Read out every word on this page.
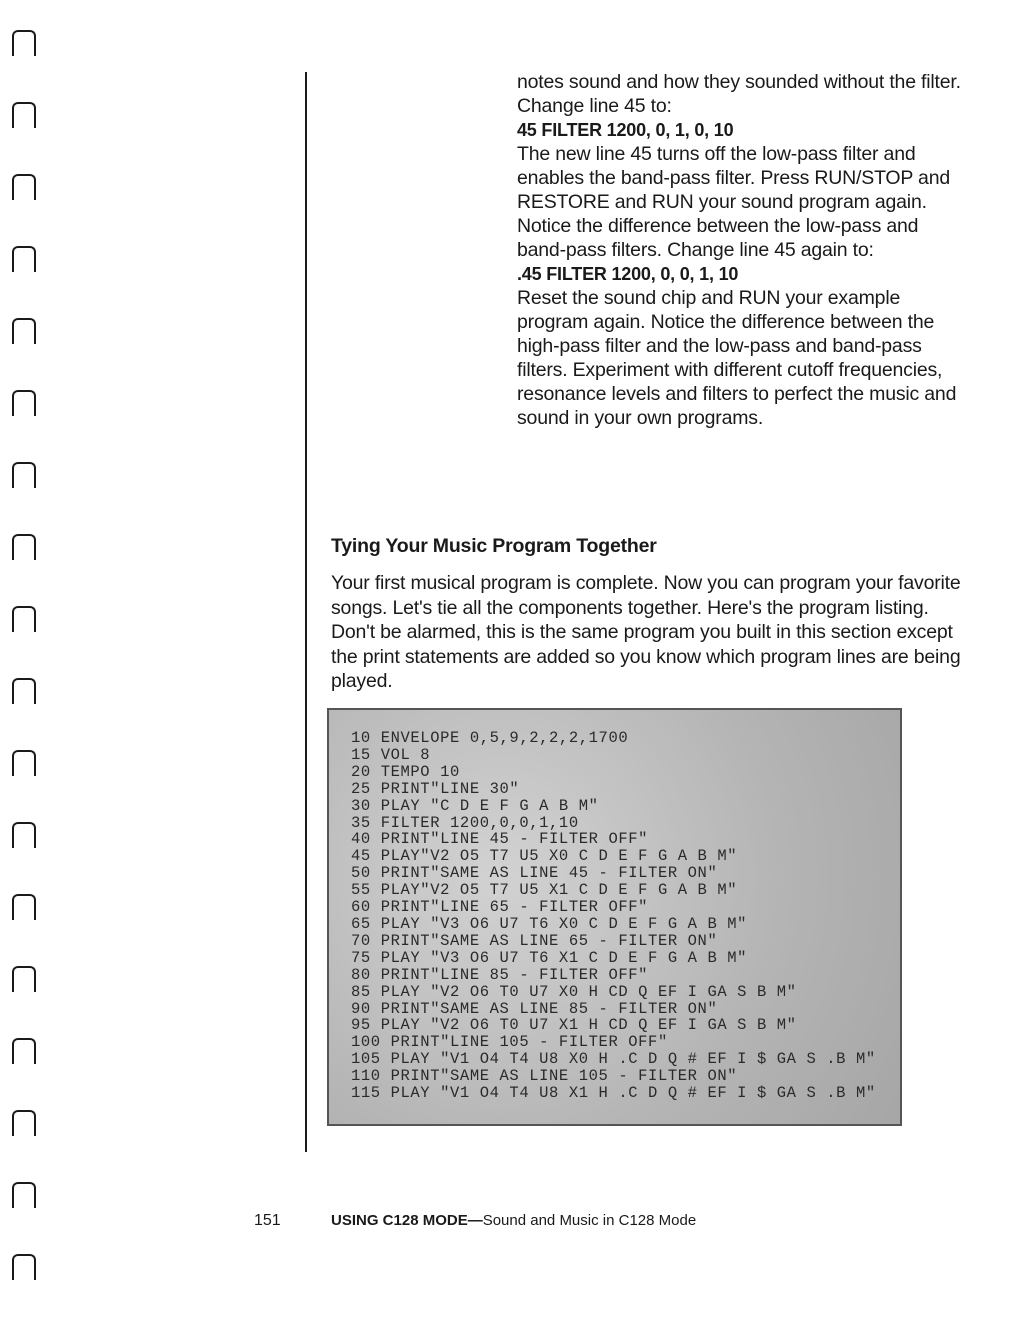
notes sound and how they sounded without the filter. Change line 45 to:

45 FILTER 1200, 0, 1, 0, 10

The new line 45 turns off the low-pass filter and enables the band-pass filter. Press RUN/STOP and RESTORE and RUN your sound program again. Notice the difference between the low-pass and band-pass filters. Change line 45 again to:

.45 FILTER 1200, 0, 0, 1, 10

Reset the sound chip and RUN your example program again. Notice the difference between the high-pass filter and the low-pass and band-pass filters. Experiment with different cutoff frequencies, resonance levels and filters to perfect the music and sound in your own programs.

Tying Your Music Program Together

Your first musical program is complete. Now you can program your favorite songs. Let's tie all the components together. Here's the program listing. Don't be alarmed, this is the same program you built in this section except the print statements are added so you know which program lines are being played.

10 ENVELOPE 0,5,9,2,2,2,1700
15 VOL 8
20 TEMPO 10
25 PRINT"LINE 30"
30 PLAY "C D E F G A B M"
35 FILTER 1200,0,0,1,10
40 PRINT"LINE 45 - FILTER OFF"
45 PLAY"V2 O5 T7 U5 X0 C D E F G A B M"
50 PRINT"SAME AS LINE 45 - FILTER ON"
55 PLAY"V2 O5 T7 U5 X1 C D E F G A B M"
60 PRINT"LINE 65 - FILTER OFF"
65 PLAY "V3 O6 U7 T6 X0 C D E F G A B M"
70 PRINT"SAME AS LINE 65 - FILTER ON"
75 PLAY "V3 O6 U7 T6 X1 C D E F G A B M"
80 PRINT"LINE 85 - FILTER OFF"
85 PLAY "V2 O6 T0 U7 X0 H CD Q EF I GA S B M"
90 PRINT"SAME AS LINE 85 - FILTER ON"
95 PLAY "V2 O6 T0 U7 X1 H CD Q EF I GA S B M"
100 PRINT"LINE 105 - FILTER OFF"
105 PLAY "V1 O4 T4 U8 X0 H .C D Q # EF I $ GA S .B M"
110 PRINT"SAME AS LINE 105 - FILTER ON"
115 PLAY "V1 O4 T4 U8 X1 H .C D Q # EF I $ GA S .B M"
151	USING C128 MODE—Sound and Music in C128 Mode
